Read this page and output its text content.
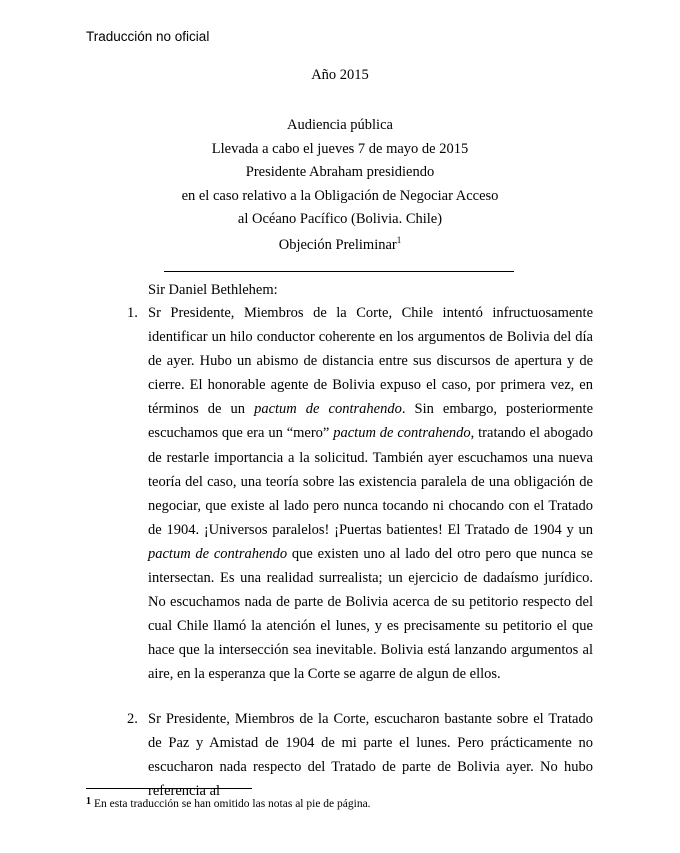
Traducción no oficial
Año 2015
Audiencia pública
Llevada a cabo el jueves 7 de mayo de 2015
Presidente Abraham presidiendo
en el caso relativo a la Obligación de Negociar Acceso
al Océano Pacífico (Bolivia. Chile)
Objeción Preliminar$^1$
Sir Daniel Bethlehem:
1. Sr Presidente, Miembros de la Corte, Chile intentó infructuosamente identificar un hilo conductor coherente en los argumentos de Bolivia del día de ayer. Hubo un abismo de distancia entre sus discursos de apertura y de cierre. El honorable agente de Bolivia expuso el caso, por primera vez, en términos de un pactum de contrahendo. Sin embargo, posteriormente escuchamos que era un “mero” pactum de contrahendo, tratando el abogado de restarle importancia a la solicitud. También ayer escuchamos una nueva teoría del caso, una teoría sobre las existencia paralela de una obligación de negociar, que existe al lado pero nunca tocando ni chocando con el Tratado de 1904. ¡Universos paralelos! ¡Puertas batientes! El Tratado de 1904 y un pactum de contrahendo que existen uno al lado del otro pero que nunca se intersectan. Es una realidad surrealista; un ejercicio de dadaísmo jurídico. No escuchamos nada de parte de Bolivia acerca de su petitorio respecto del cual Chile llamó la atención el lunes, y es precisamente su petitorio el que hace que la intersección sea inevitable. Bolivia está lanzando argumentos al aire, en la esperanza que la Corte se agarre de algun de ellos.
2. Sr Presidente, Miembros de la Corte, escucharon bastante sobre el Tratado de Paz y Amistad de 1904 de mi parte el lunes. Pero prácticamente no escucharon nada respecto del Tratado de parte de Bolivia ayer. No hubo referencia al
$^1$ En esta traducción se han omitido las notas al pie de página.
